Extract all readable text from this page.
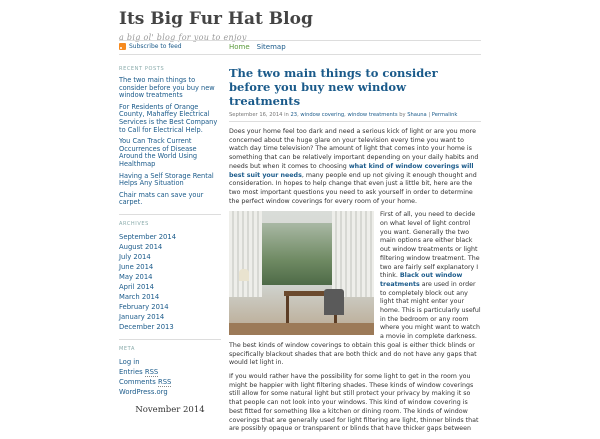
Its Big Fur Hat Blog
a big ol' blog for you to enjoy
Subscribe to feed	Home Sitemap
RECENT POSTS
The two main things to consider before you buy new window treatments
For Residents of Orange County, Mahaffey Electrical Services is the Best Company to Call for Electrical Help.
You Can Track Current Occurrences of Disease Around the World Using Healthmap
Having a Self Storage Rental Helps Any Situation
Chair mats can save your carpet.
ARCHIVES
September 2014
August 2014
July 2014
June 2014
May 2014
April 2014
March 2014
February 2014
January 2014
December 2013
META
Log in
Entries RSS
Comments RSS
WordPress.org
November 2014
The two main things to consider before you buy new window treatments
September 16, 2014 in 23, window covering, window treatments by Shauna | Permalink

Does your home feel too dark and need a serious kick of light or are you more concerned about the huge glare on your television every time you want to watch day time television? The amount of light that comes into your home is something that can be relatively important depending on your daily habits and needs but when it comes to choosing what kind of window coverings will best suit your needs, many people end up not giving it enough thought and consideration. In hopes to help change that even just a little bit, here are the two most important questions you need to ask yourself in order to determine the perfect window coverings for every room of your home.

First of all, you need to decide on what level of light control you want. Generally the two main options are either black out window treatments or light filtering window treatment. The two are fairly self explanatory I think. Black out window treatments are used in order to completely block out any light that might enter your home. This is particularly useful in the bedroom or any room where you might want to watch a movie in complete darkness. The best kinds of window coverings to obtain this goal is either thick blinds or specifically blackout shades that are both thick and do not have any gaps that would let light in.

If you would rather have the possibility for some light to get in the room you might be happier with light filtering shades. These kinds of window coverings still allow for some natural light but still protect your privacy by making it so that people can not look into your windows. This kind of window covering is best fitted for something like a kitchen or dining room. The kinds of window coverings that are generally used for light filtering are light, thinner blinds that are possibly opaque or transparent or blinds that have thicker gaps between
